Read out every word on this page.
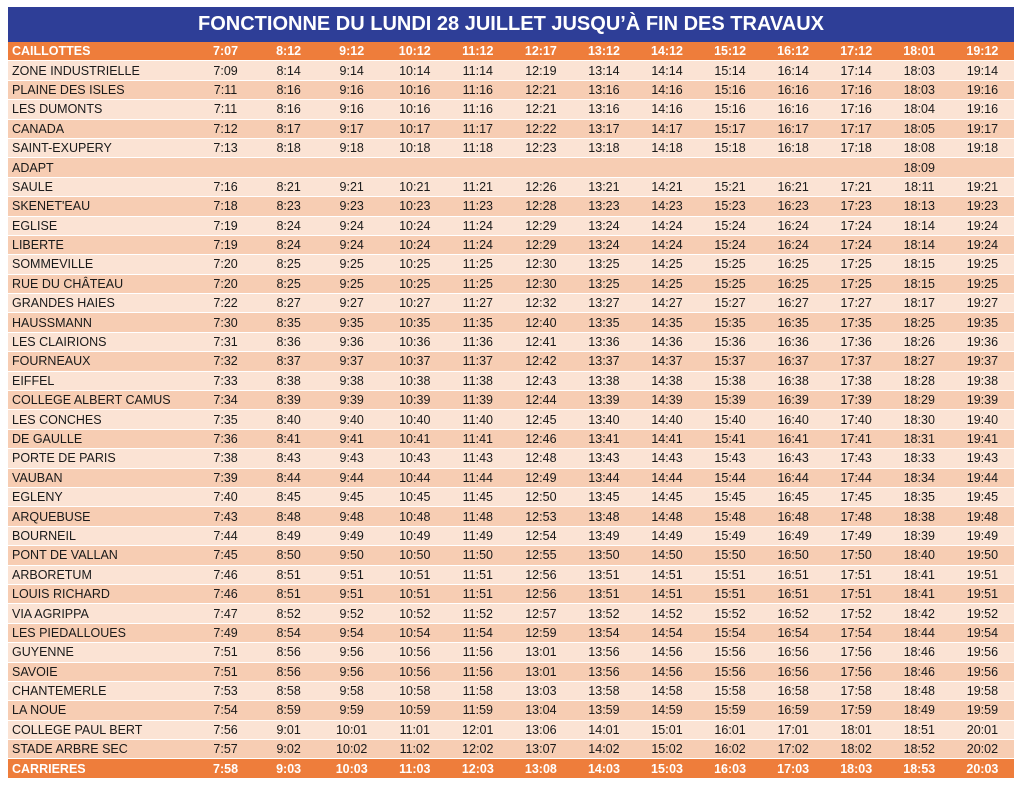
FONCTIONNE DU LUNDI 28 JUILLET JUSQU’À FIN DES TRAVAUX
CAILLOTTES	7:07	8:12	9:12	10:12	11:12	12:17	13:12	14:12	15:12	16:12	17:12	18:01	19:12
ZONE INDUSTRIELLE	7:09	8:14	9:14	10:14	11:14	12:19	13:14	14:14	15:14	16:14	17:14	18:03	19:14
PLAINE DES ISLES	7:11	8:16	9:16	10:16	11:16	12:21	13:16	14:16	15:16	16:16	17:16	18:03	19:16
LES DUMONTS	7:11	8:16	9:16	10:16	11:16	12:21	13:16	14:16	15:16	16:16	17:16	18:04	19:16
CANADA	7:12	8:17	9:17	10:17	11:17	12:22	13:17	14:17	15:17	16:17	17:17	18:05	19:17
SAINT-EXUPERY	7:13	8:18	9:18	10:18	11:18	12:23	13:18	14:18	15:18	16:18	17:18	18:08	19:18
ADAPT												18:09	
SAULE	7:16	8:21	9:21	10:21	11:21	12:26	13:21	14:21	15:21	16:21	17:21	18:11	19:21
SKENET'EAU	7:18	8:23	9:23	10:23	11:23	12:28	13:23	14:23	15:23	16:23	17:23	18:13	19:23
EGLISE	7:19	8:24	9:24	10:24	11:24	12:29	13:24	14:24	15:24	16:24	17:24	18:14	19:24
LIBERTE	7:19	8:24	9:24	10:24	11:24	12:29	13:24	14:24	15:24	16:24	17:24	18:14	19:24
SOMMEVILLE	7:20	8:25	9:25	10:25	11:25	12:30	13:25	14:25	15:25	16:25	17:25	18:15	19:25
RUE DU CHÂTEAU	7:20	8:25	9:25	10:25	11:25	12:30	13:25	14:25	15:25	16:25	17:25	18:15	19:25
GRANDES HAIES	7:22	8:27	9:27	10:27	11:27	12:32	13:27	14:27	15:27	16:27	17:27	18:17	19:27
HAUSSMANN	7:30	8:35	9:35	10:35	11:35	12:40	13:35	14:35	15:35	16:35	17:35	18:25	19:35
LES CLAIRIONS	7:31	8:36	9:36	10:36	11:36	12:41	13:36	14:36	15:36	16:36	17:36	18:26	19:36
FOURNEAUX	7:32	8:37	9:37	10:37	11:37	12:42	13:37	14:37	15:37	16:37	17:37	18:27	19:37
EIFFEL	7:33	8:38	9:38	10:38	11:38	12:43	13:38	14:38	15:38	16:38	17:38	18:28	19:38
COLLEGE ALBERT CAMUS	7:34	8:39	9:39	10:39	11:39	12:44	13:39	14:39	15:39	16:39	17:39	18:29	19:39
LES CONCHES	7:35	8:40	9:40	10:40	11:40	12:45	13:40	14:40	15:40	16:40	17:40	18:30	19:40
DE GAULLE	7:36	8:41	9:41	10:41	11:41	12:46	13:41	14:41	15:41	16:41	17:41	18:31	19:41
PORTE DE PARIS	7:38	8:43	9:43	10:43	11:43	12:48	13:43	14:43	15:43	16:43	17:43	18:33	19:43
VAUBAN	7:39	8:44	9:44	10:44	11:44	12:49	13:44	14:44	15:44	16:44	17:44	18:34	19:44
EGLENY	7:40	8:45	9:45	10:45	11:45	12:50	13:45	14:45	15:45	16:45	17:45	18:35	19:45
ARQUEBUSE	7:43	8:48	9:48	10:48	11:48	12:53	13:48	14:48	15:48	16:48	17:48	18:38	19:48
BOURNEIL	7:44	8:49	9:49	10:49	11:49	12:54	13:49	14:49	15:49	16:49	17:49	18:39	19:49
PONT DE VALLAN	7:45	8:50	9:50	10:50	11:50	12:55	13:50	14:50	15:50	16:50	17:50	18:40	19:50
ARBORETUM	7:46	8:51	9:51	10:51	11:51	12:56	13:51	14:51	15:51	16:51	17:51	18:41	19:51
LOUIS RICHARD	7:46	8:51	9:51	10:51	11:51	12:56	13:51	14:51	15:51	16:51	17:51	18:41	19:51
VIA AGRIPPA	7:47	8:52	9:52	10:52	11:52	12:57	13:52	14:52	15:52	16:52	17:52	18:42	19:52
LES PIEDALLOUES	7:49	8:54	9:54	10:54	11:54	12:59	13:54	14:54	15:54	16:54	17:54	18:44	19:54
GUYENNE	7:51	8:56	9:56	10:56	11:56	13:01	13:56	14:56	15:56	16:56	17:56	18:46	19:56
SAVOIE	7:51	8:56	9:56	10:56	11:56	13:01	13:56	14:56	15:56	16:56	17:56	18:46	19:56
CHANTEMERLE	7:53	8:58	9:58	10:58	11:58	13:03	13:58	14:58	15:58	16:58	17:58	18:48	19:58
LA NOUE	7:54	8:59	9:59	10:59	11:59	13:04	13:59	14:59	15:59	16:59	17:59	18:49	19:59
COLLEGE PAUL BERT	7:56	9:01	10:01	11:01	12:01	13:06	14:01	15:01	16:01	17:01	18:01	18:51	20:01
STADE ARBRE SEC	7:57	9:02	10:02	11:02	12:02	13:07	14:02	15:02	16:02	17:02	18:02	18:52	20:02
CARRIERES	7:58	9:03	10:03	11:03	12:03	13:08	14:03	15:03	16:03	17:03	18:03	18:53	20:03
